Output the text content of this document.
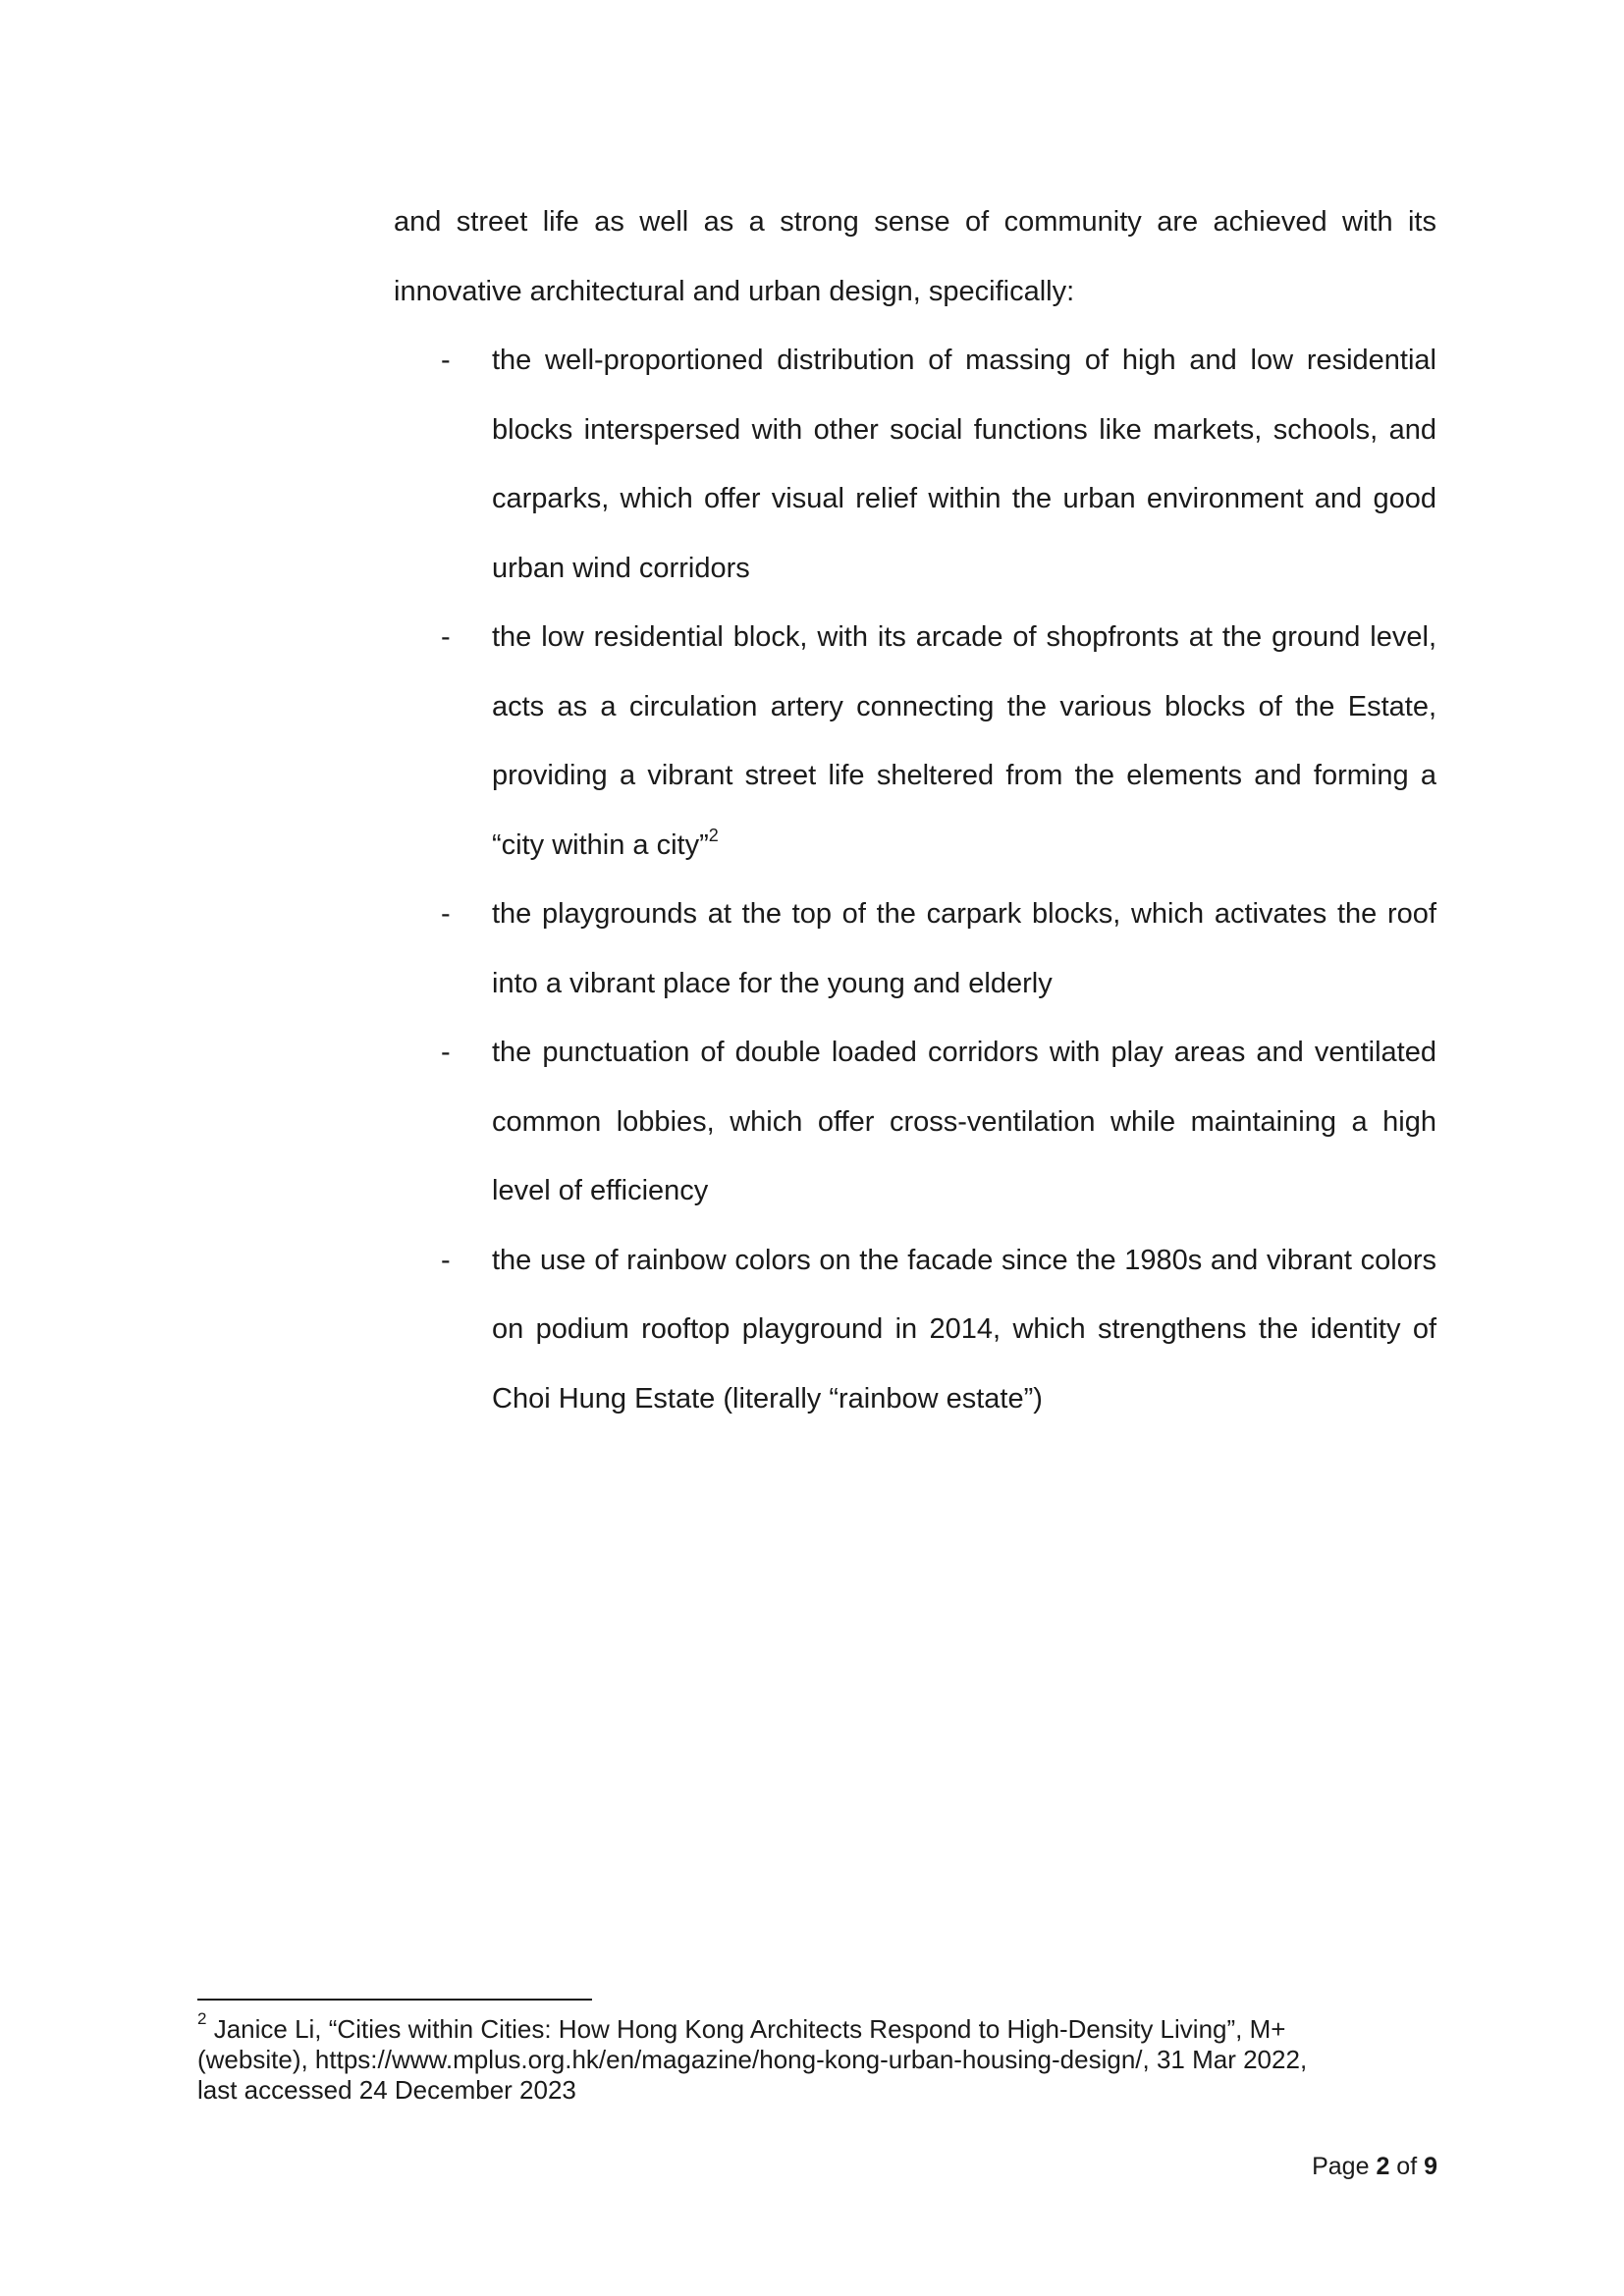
and street life as well as a strong sense of community are achieved with its innovative architectural and urban design, specifically:

- the well-proportioned distribution of massing of high and low residential blocks interspersed with other social functions like markets, schools, and carparks, which offer visual relief within the urban environment and good urban wind corridors
- the low residential block, with its arcade of shopfronts at the ground level, acts as a circulation artery connecting the various blocks of the Estate, providing a vibrant street life sheltered from the elements and forming a “city within a city”$^2$
- the playgrounds at the top of the carpark blocks, which activates the roof into a vibrant place for the young and elderly
- the punctuation of double loaded corridors with play areas and ventilated common lobbies, which offer cross-ventilation while maintaining a high level of efficiency
- the use of rainbow colors on the facade since the 1980s and vibrant colors on podium rooftop playground in 2014, which strengthens the identity of Choi Hung Estate (literally “rainbow estate”)
$^2$ Janice Li, “Cities within Cities: How Hong Kong Architects Respond to High-Density Living”, M+
(website), https://www.mplus.org.hk/en/magazine/hong-kong-urban-housing-design/, 31 Mar 2022,
last accessed 24 December 2023
Page 2 of 9
